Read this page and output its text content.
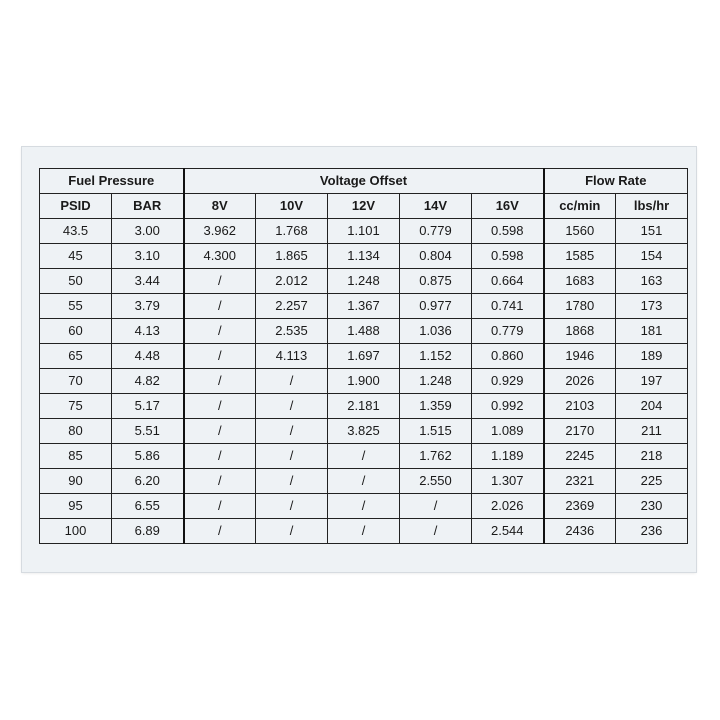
Fuel Pressure		Voltage Offset					Flow Rate	
PSID	BAR	8V	10V	12V	14V	16V	cc/min	lbs/hr
43.5	3.00	3.962	1.768	1.101	0.779	0.598	1560	151
45	3.10	4.300	1.865	1.134	0.804	0.598	1585	154
50	3.44	/	2.012	1.248	0.875	0.664	1683	163
55	3.79	/	2.257	1.367	0.977	0.741	1780	173
60	4.13	/	2.535	1.488	1.036	0.779	1868	181
65	4.48	/	4.113	1.697	1.152	0.860	1946	189
70	4.82	/	/	1.900	1.248	0.929	2026	197
75	5.17	/	/	2.181	1.359	0.992	2103	204
80	5.51	/	/	3.825	1.515	1.089	2170	211
85	5.86	/	/	/	1.762	1.189	2245	218
90	6.20	/	/	/	2.550	1.307	2321	225
95	6.55	/	/	/	/	2.026	2369	230
100	6.89	/	/	/	/	2.544	2436	236
